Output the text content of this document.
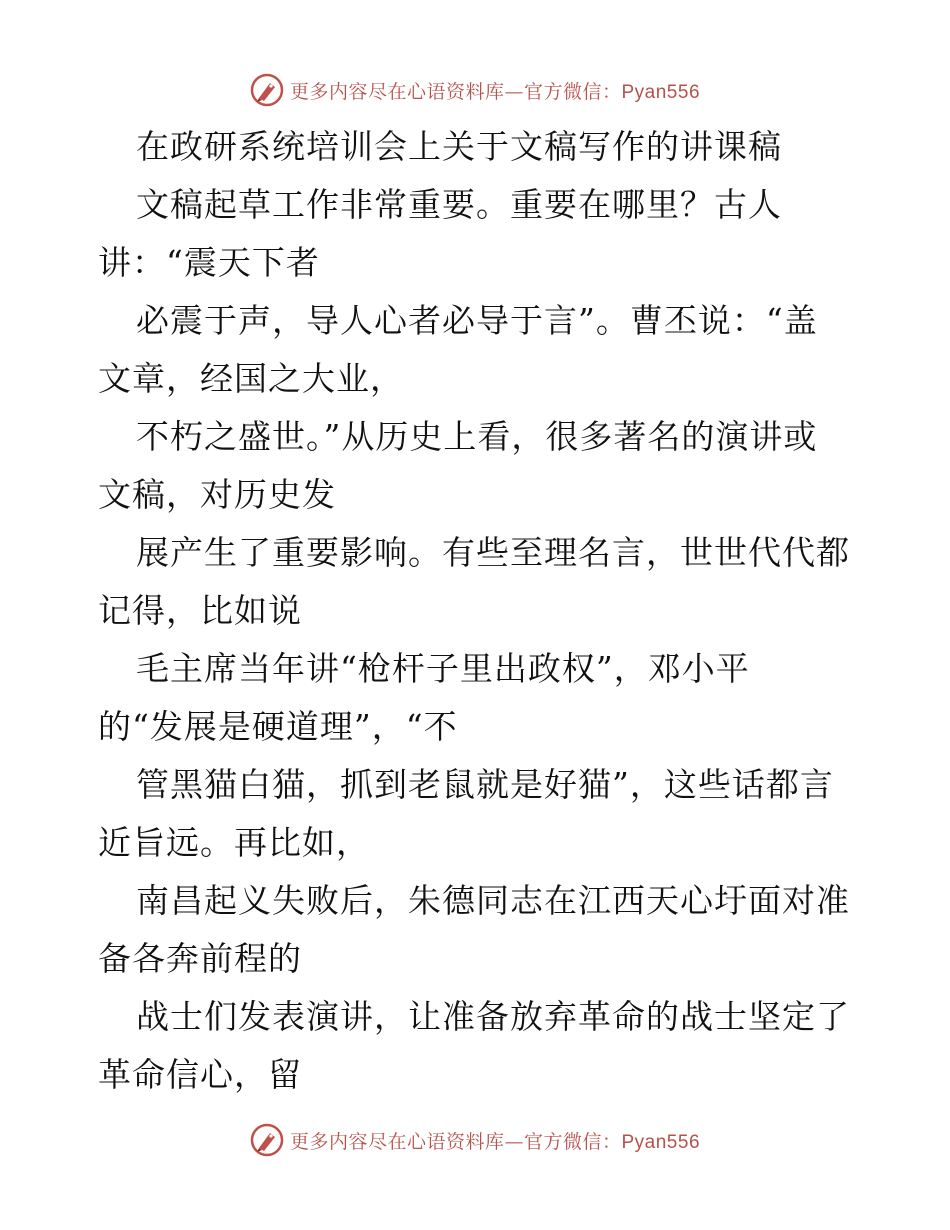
更多内容尽在心语资料库—官方微信：Pyan556
在政研系统培训会上关于文稿写作的讲课稿
文稿起草工作非常重要。重要在哪里？古人
讲：“震天下者
必震于声，导人心者必导于言”。曹丕说：“盖
文章，经国之大业，
不朽之盛世。”从历史上看，很多著名的演讲或
文稿，对历史发
展产生了重要影响。有些至理名言，世世代代都
记得，比如说
毛主席当年讲“枪杆子里出政权”，邓小平
的“发展是硬道理”，“不
管黑猫白猫，抓到老鼠就是好猫”，这些话都言
近旨远。再比如，
南昌起义失败后，朱德同志在江西天心圩面对准
备各奔前程的
战士们发表演讲，让准备放弃革命的战士坚定了
革命信心，留
更多内容尽在心语资料库—官方微信：Pyan556
